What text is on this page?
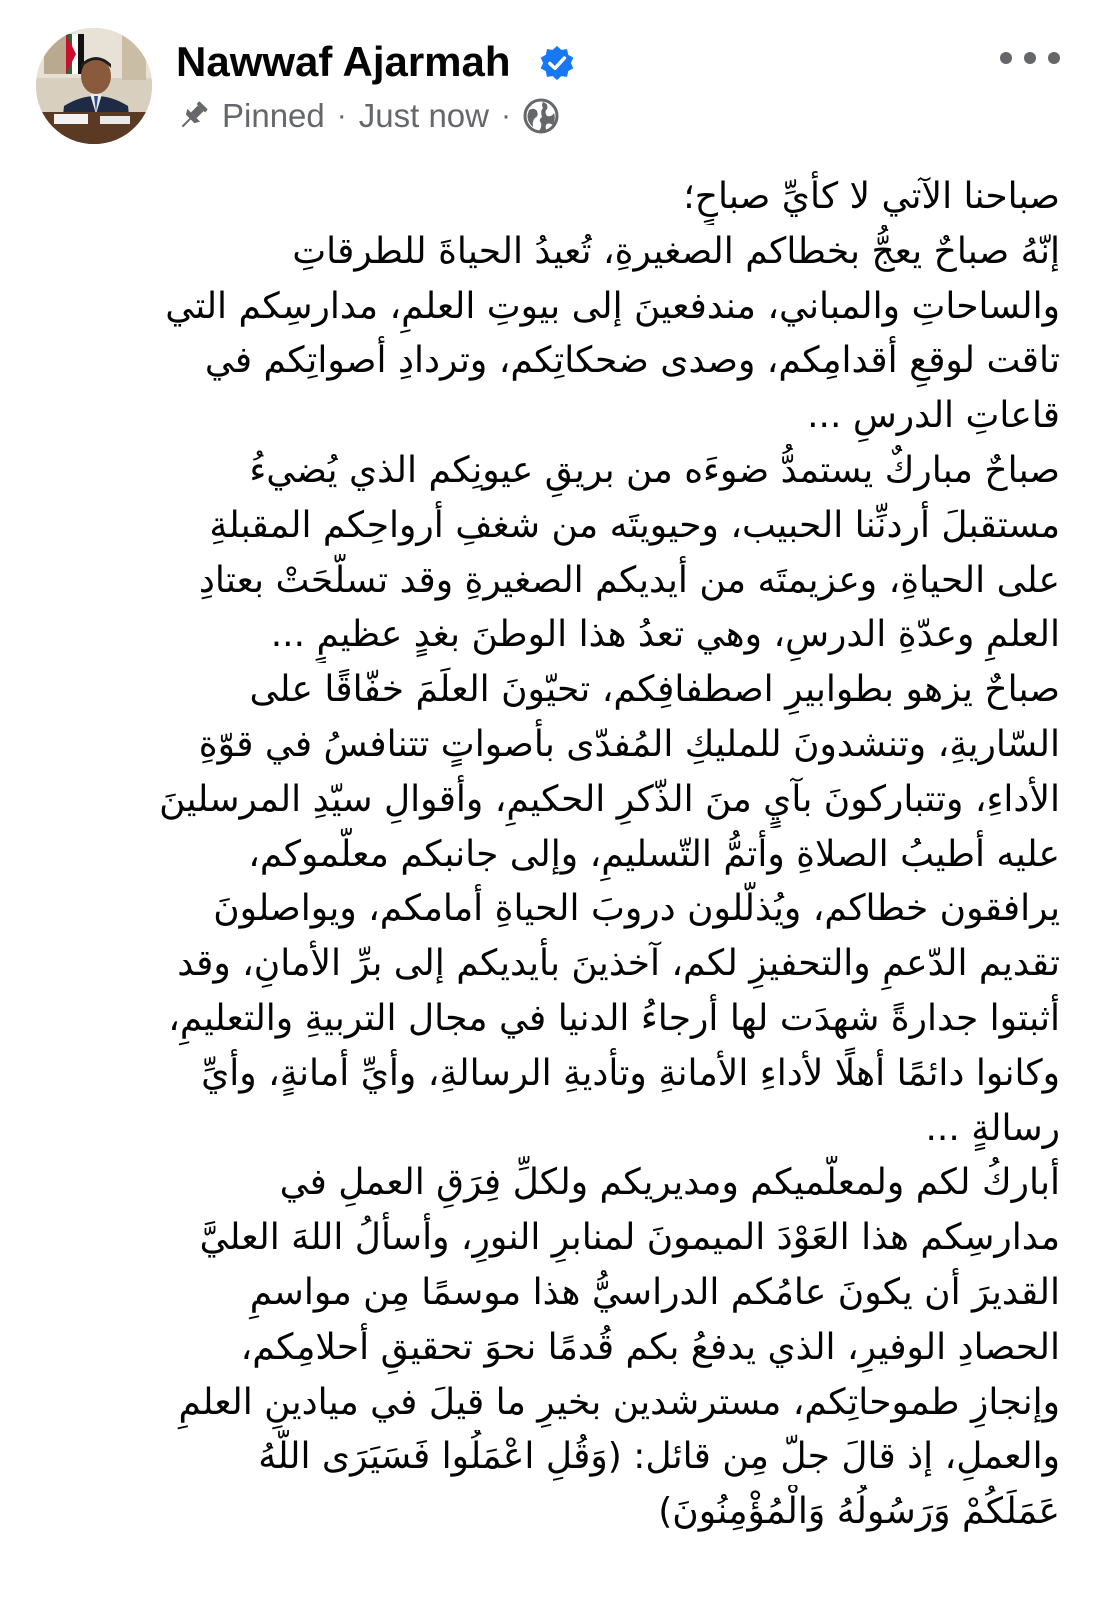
Nawwaf Ajarmah
Pinned · Just now ·

صباحنا الآتي لا كأيِّ صباحٍ؛

إنّهُ صباحٌ يعجُّ بخطاكم الصغيرةِ، تُعيدُ الحياةَ للطرقاتِ

والساحاتِ والمباني، مندفعينَ إلى بيوتِ العلمِ، مدارسِكم التي

تاقت لوقعِ أقدامِكم، وصدى ضحكاتِكم، وتردادِ أصواتِكم في

قاعاتِ الدرسِ ...

صباحٌ مباركٌ يستمدُّ ضوءَه من بريقِ عيونِكم الذي يُضيءُ

مستقبلَ أردنِّنا الحبيب، وحيويتَه من شغفِ أرواحِكم المقبلةِ

على الحياةِ، وعزيمتَه من أيديكم الصغيرةِ وقد تسلّحَتْ بعتادِ

العلمِ وعدّةِ الدرسِ، وهي تعدُ هذا الوطنَ بغدٍ عظيمٍ ...

صباحٌ يزهو بطوابيرِ اصطفافِكم، تحيّونَ العلَمَ خفّاقًا على

السّاريةِ، وتنشدونَ للمليكِ المُفدّى بأصواتٍ تتنافسُ في قوّةِ

الأداءِ، وتتباركونَ بآيٍ منَ الذّكرِ الحكيمِ، وأقوالِ سيّدِ المرسلينَ

عليه أطيبُ الصلاةِ وأتمُّ التّسليمِ، وإلى جانبكم معلّموكم،

يرافقون خطاكم، ويُذلّلون دروبَ الحياةِ أمامكم، ويواصلونَ

تقديم الدّعمِ والتحفيزِ لكم، آخذينَ بأيديكم إلى برِّ الأمانِ، وقد

أثبتوا جدارةً شهدَت لها أرجاءُ الدنيا في مجال التربيةِ والتعليمِ،

وكانوا دائمًا أهلًا لأداءِ الأمانةِ وتأديةِ الرسالةِ، وأيِّ أمانةٍ، وأيِّ

رسالةٍ ...

أباركُ لكم ولمعلّميكم ومديريكم ولكلِّ فِرَقِ العملِ في

مدارسِكم هذا العَوْدَ الميمونَ لمنابرِ النورِ، وأسألُ اللهَ العليَّ

القديرَ أن يكونَ عامُكم الدراسيُّ هذا موسمًا مِن مواسمِ

الحصادِ الوفيرِ، الذي يدفعُ بكم قُدمًا نحوَ تحقيقِ أحلامِكم،

وإنجازِ طموحاتِكم، مسترشدين بخيرِ ما قيلَ في ميادينِ العلمِ

والعملِ، إذ قالَ جلّ مِن قائل: (وَقُلِ اعْمَلُوا فَسَيَرَى اللَّهُ

عَمَلَكُمْ وَرَسُولُهُ وَالْمُؤْمِنُونَ)
